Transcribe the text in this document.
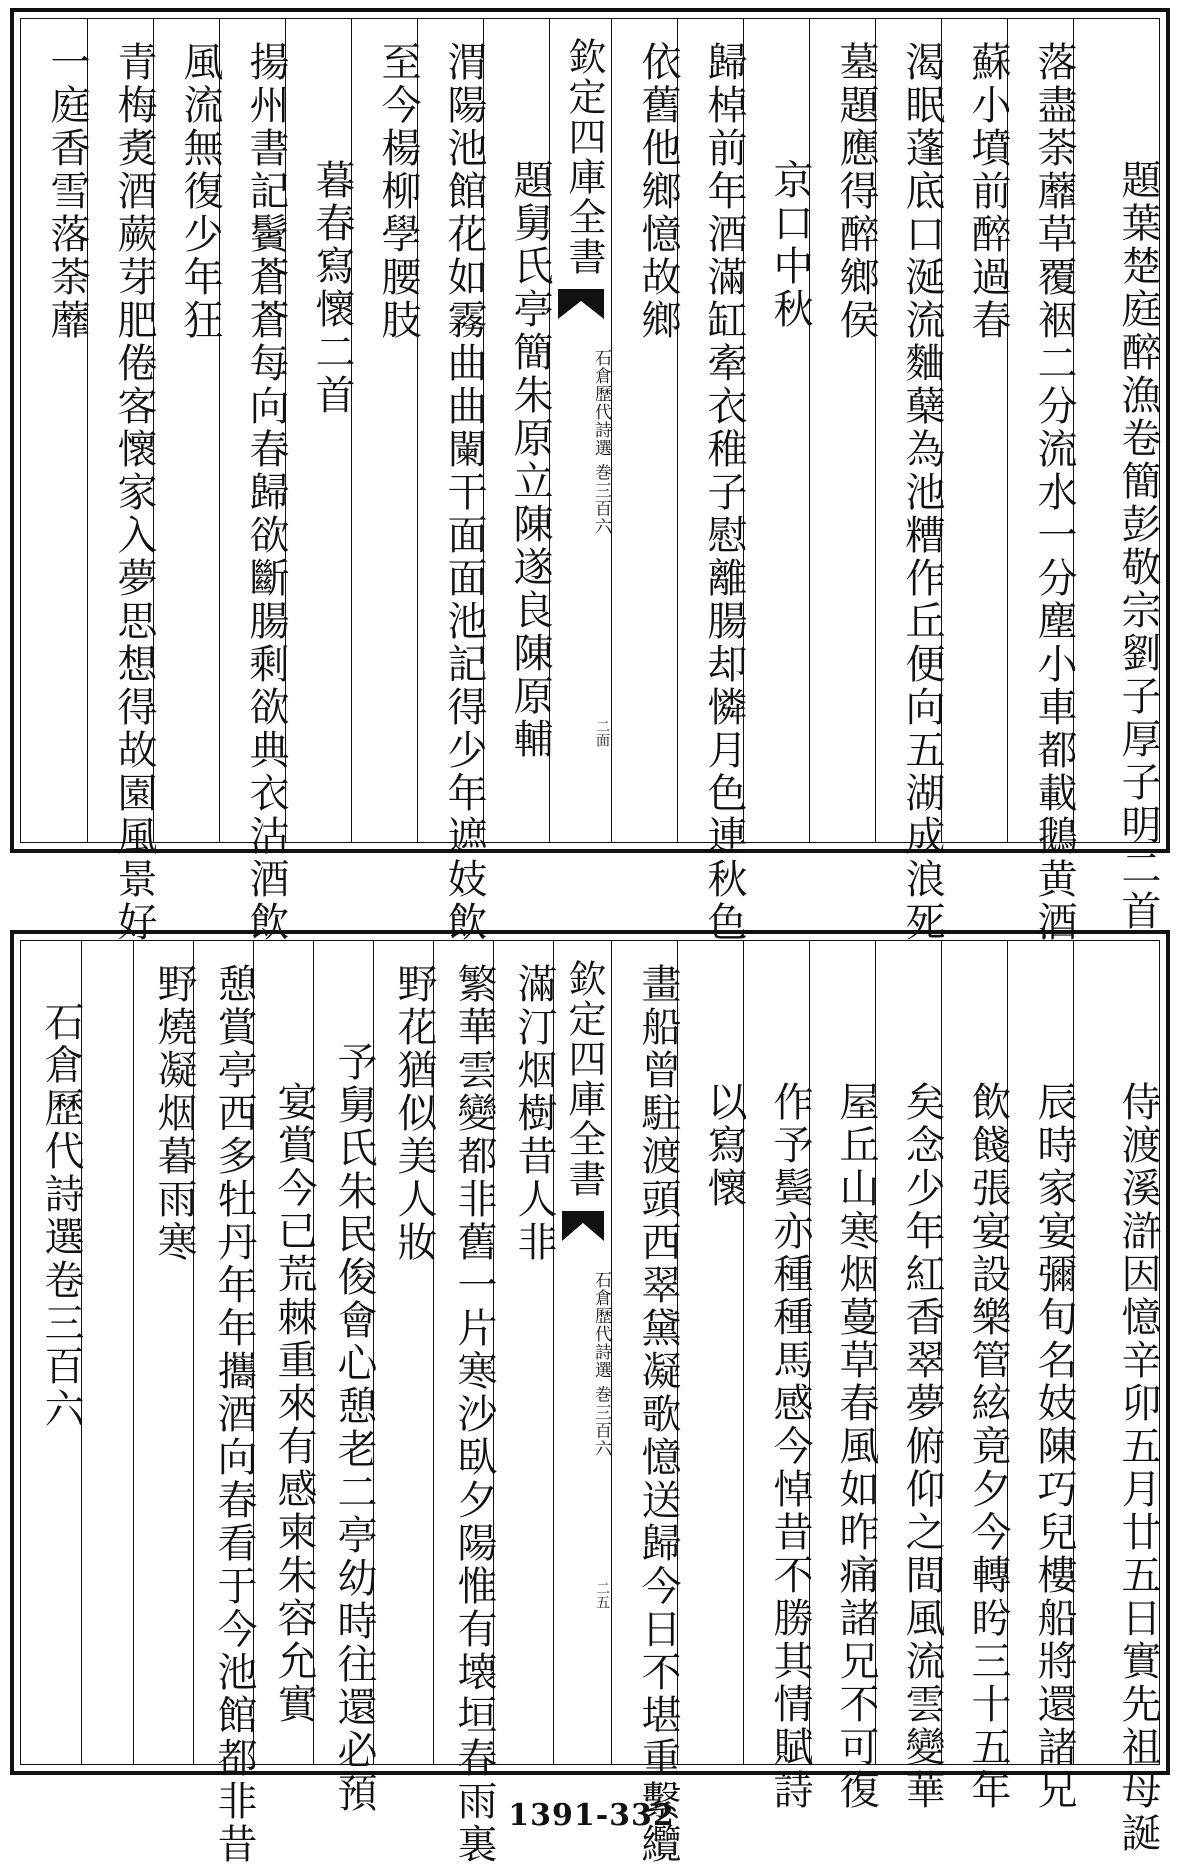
一庭香雪落荼蘼 青梅煑酒蕨芽肥倦客懷家入夢思想得故園風景好 風流無復少年狂 揚州書記鬢蒼蒼每向春歸欲斷腸剩欲典衣沽酒飲 暮春寫懷二首 至今楊柳學腰肢 渭陽池館花如霧曲曲闌干面面池記得少年遮妓飲 題舅氏亭簡朱原立陳遂良陳原輔
欽定四庫全書
石倉歷代詩選 巻三百六
二面
依舊他鄉憶故鄉 歸棹前年酒滿缸牽衣稚子慰離腸却憐月色連秋色 京口中秋 墓題應得醉鄉侯 渴眠蓬底口涎流麯蘖為池糟作丘便向五湖成浪死 蘇小墳前醉過春 落盡荼蘼草覆裀二分流水一分塵小車都載鵝黄酒 題葉楚庭醉漁卷簡彭敬宗劉子厚子明二首
石倉歷代詩選卷三百六	野燒凝烟暮雨寒 憩賞亭西多牡丹年年攜酒向春看于今池館都非昔 宴賞今已荒棘重來有感柬朱容允實 予舅氏朱民俊會心憩老二亭幼時往還必預 野花猶似美人妝 繁華雲變都非舊一片寒沙臥夕陽惟有壊垣春雨裏 滿汀烟樹昔人非 欽定四庫全書
石倉歷代詩選 巻三百六
二五 畫船曾駐渡頭西翠黛凝歌憶送歸今日不堪重繫纜 以寫懷 作予鬓亦種種馬感今悼昔不勝其情賦詩 屋丘山寒烟蔓草春風如昨痛諸兄不可復 矣念少年紅香翠夢俯仰之間風流雲變華 飲餞張宴設樂管絃竟夕今轉盻三十五年 辰時家宴彌旬名妓陳巧兒樓船將還諸兄 侍渡溪滸因憶辛卯五月廿五日實先祖母誕
1391-332
